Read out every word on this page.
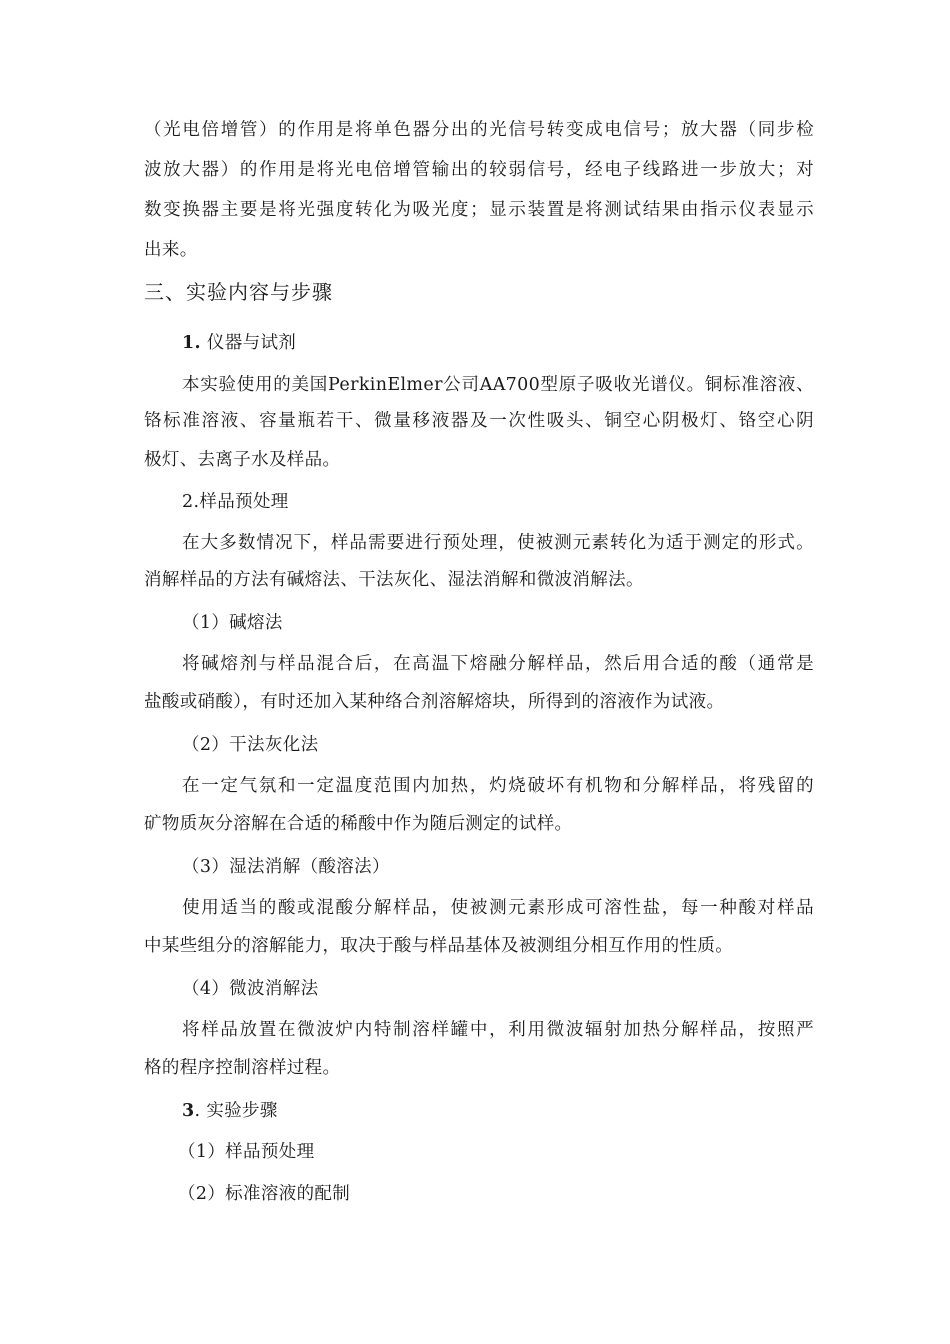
（光电倍增管）的作用是将单色器分出的光信号转变成电信号；放大器（同步检
波放大器）的作用是将光电倍增管输出的较弱信号，经电子线路进一步放大；对
数变换器主要是将光强度转化为吸光度；显示装置是将测试结果由指示仪表显示
出来。
三、实验内容与步骤
1. 仪器与试剂
本实验使用的美国PerkinElmer公司AA700型原子吸收光谱仪。铜标准溶液、
铬标准溶液、容量瓶若干、微量移液器及一次性吸头、铜空心阴极灯、铬空心阴
极灯、去离子水及样品。
2.样品预处理
在大多数情况下，样品需要进行预处理，使被测元素转化为适于测定的形式。
消解样品的方法有碱熔法、干法灰化、湿法消解和微波消解法。
（1）碱熔法
将碱熔剂与样品混合后，在高温下熔融分解样品，然后用合适的酸（通常是
盐酸或硝酸），有时还加入某种络合剂溶解熔块，所得到的溶液作为试液。
（2）干法灰化法
在一定气氛和一定温度范围内加热，灼烧破坏有机物和分解样品，将残留的
矿物质灰分溶解在合适的稀酸中作为随后测定的试样。
（3）湿法消解（酸溶法）
使用适当的酸或混酸分解样品，使被测元素形成可溶性盐，每一种酸对样品
中某些组分的溶解能力，取决于酸与样品基体及被测组分相互作用的性质。
（4）微波消解法
将样品放置在微波炉内特制溶样罐中，利用微波辐射加热分解样品，按照严
格的程序控制溶样过程。
3. 实验步骤
（1）样品预处理
（2）标准溶液的配制
